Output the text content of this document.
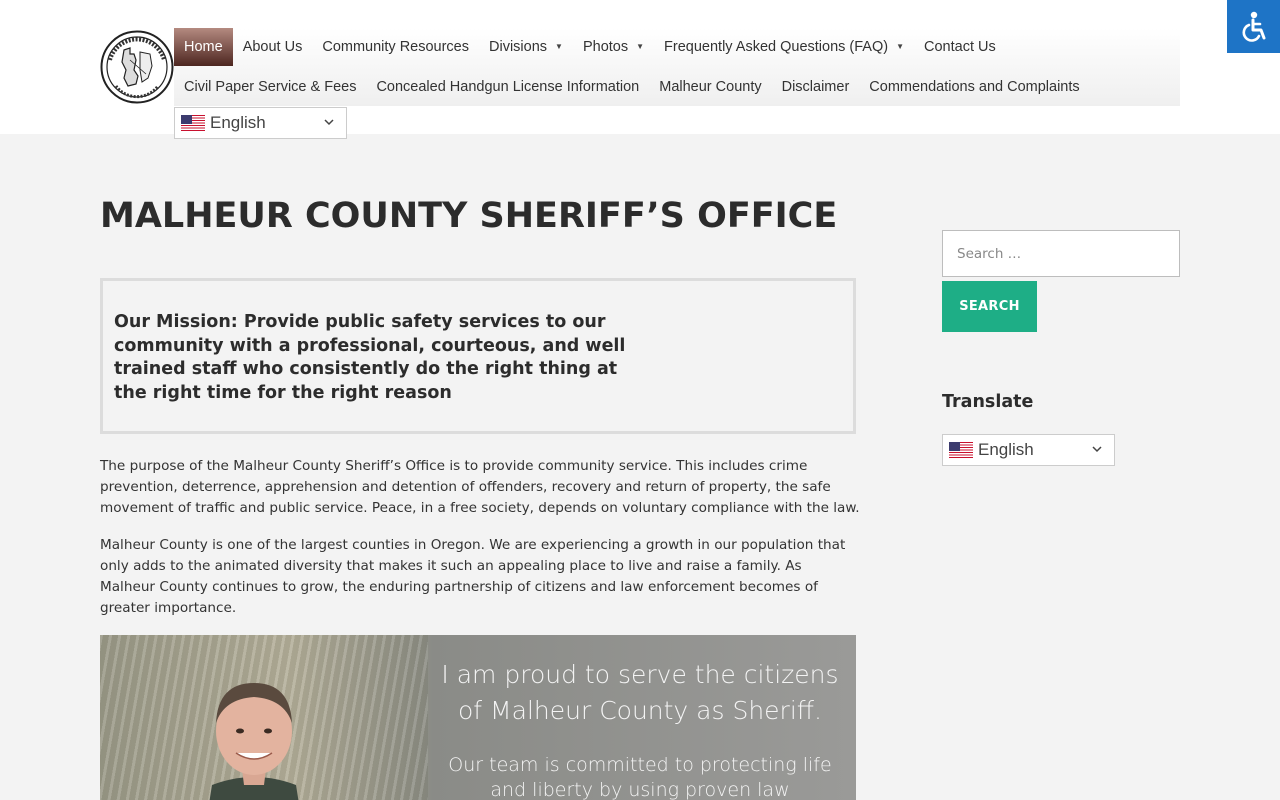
Home About Us Community Resources Divisions ▼ Photos ▼ Frequently Asked Questions (FAQ) ▼ Contact Us
Civil Paper Service & Fees Concealed Handgun License Information Malheur County Disclaimer Commendations and Complaints
English
MALHEUR COUNTY SHERIFF’S OFFICE

Our Mission: Provide public safety services to our community with a professional, courteous, and well trained staff who consistently do the right thing at the right time for the right reason

The purpose of the Malheur County Sheriff’s Office is to provide community service. This includes crime prevention, deterrence, apprehension and detention of offenders, recovery and return of property, the safe movement of traffic and public service. Peace, in a free society, depends on voluntary compliance with the law.

Malheur County is one of the largest counties in Oregon. We are experiencing a growth in our population that only adds to the animated diversity that makes it such an appealing place to live and raise a family. As Malheur County continues to grow, the enduring partnership of citizens and law enforcement becomes of greater importance.

I am proud to serve the citizens of Malheur County as Sheriff.
Our team is committed to protecting life and liberty by using proven law
Search …
SEARCH
Translate
English
